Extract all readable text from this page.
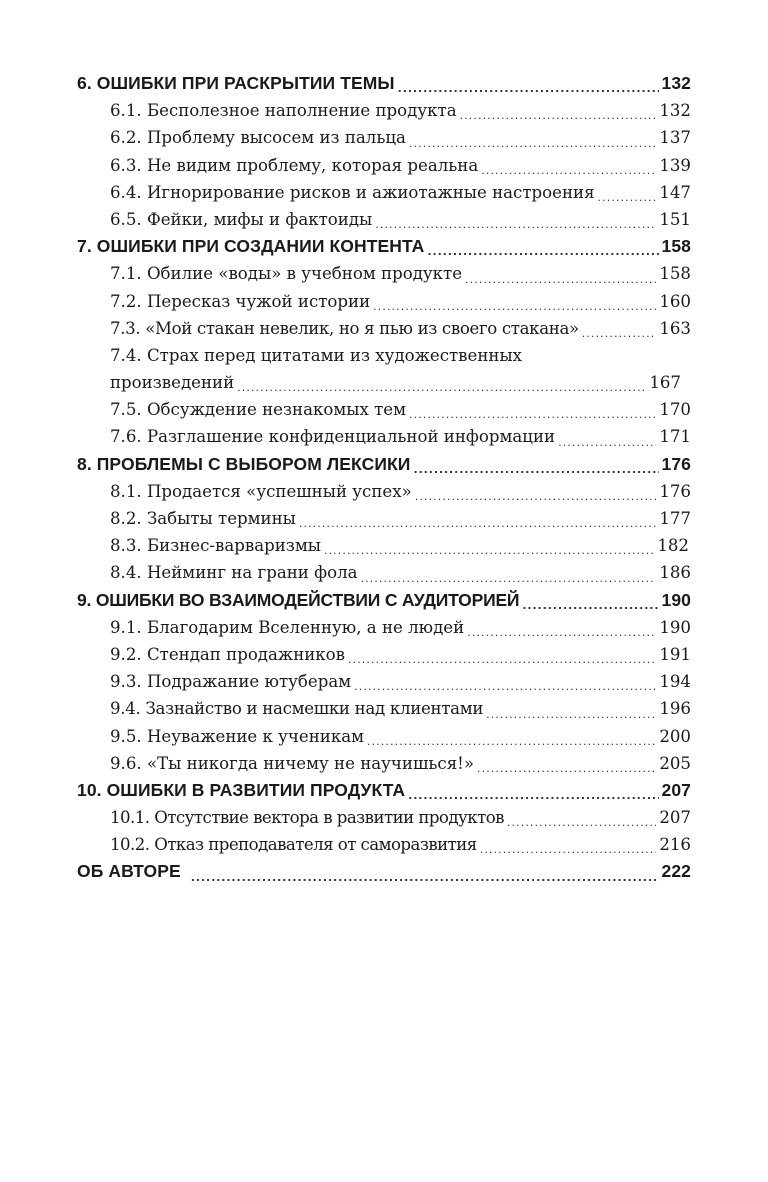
6. ОШИБКИ ПРИ РАСКРЫТИИ ТЕМЫ .....	132
6.1. Бесполезное наполнение продукта .....	132
6.2. Проблему высосем из пальца .....	137
6.3. Не видим проблему, которая реальна .....	139
6.4. Игнорирование рисков и ажиотажные настроения .....	147
6.5. Фейки, мифы и фактоиды .....	151
7. ОШИБКИ ПРИ СОЗДАНИИ КОНТЕНТА .....	158
7.1. Обилие «воды» в учебном продукте .....	158
7.2. Пересказ чужой истории .....	160
7.3. «Мой стакан невелик, но я пью из своего стакана» .....	163
7.4. Страх перед цитатами из художественных
произведений .....	167
7.5. Обсуждение незнакомых тем .....	170
7.6. Разглашение конфиденциальной информации .....	171
8. ПРОБЛЕМЫ С ВЫБОРОМ ЛЕКСИКИ .....	176
8.1. Продается «успешный успех» .....	176
8.2. Забыты термины .....	177
8.3. Бизнес-варваризмы .....	182
8.4. Нейминг на грани фола .....	186
9. ОШИБКИ ВО ВЗАИМОДЕЙСТВИИ С АУДИТОРИЕЙ .....	190
9.1. Благодарим Вселенную, а не людей .....	190
9.2. Стендап продажников .....	191
9.3. Подражание ютуберам .....	194
9.4. Зазнайство и насмешки над клиентами .....	196
9.5. Неуважение к ученикам .....	200
9.6. «Ты никогда ничему не научишься!» .....	205
10. ОШИБКИ В РАЗВИТИИ ПРОДУКТА .....	207
10.1. Отсутствие вектора в развитии продуктов .....	207
10.2. Отказ преподавателя от саморазвития .....	216
ОБ АВТОРЕ .....	222
